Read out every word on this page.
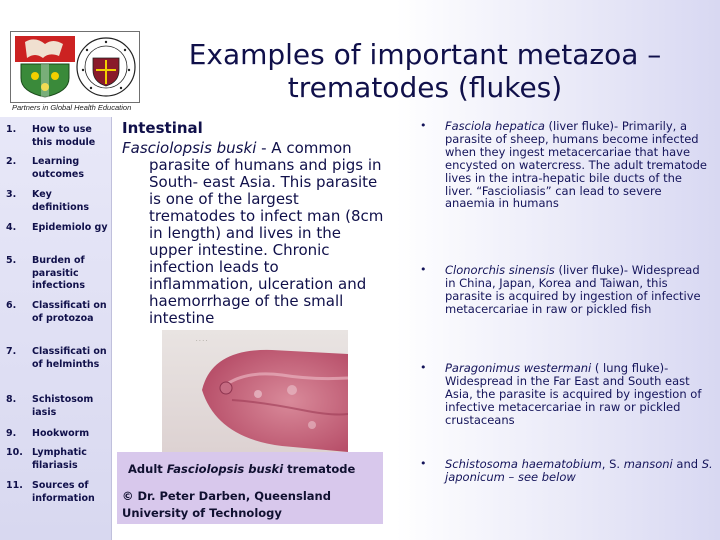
Partners in Global Health Education
Examples of important metazoa –trematodes (flukes)
1. How to use this module
2. Learning outcomes
3. Key definitions
4. Epidemiolo gy
5. Burden of parasitic infections
6. Classificati on of protozoa
7. Classificati on of helminths
8. Schistosom iasis
9. Hookworm
10. Lymphatic filariasis
11. Sources of information
Intestinal
Fasciolopsis buski - A common
parasite of humans and pigs in South- east Asia. This parasite is one of the largest trematodes to infect man (8cm in length) and lives in the upper intestine. Chronic infection leads to inflammation, ulceration and haemorrhage of the small intestine
· · · ·
Adult Fasciolopsis buski trematode
© Dr. Peter Darben, Queensland University of Technology
• Fasciola hepatica (liver fluke)- Primarily, a parasite of sheep, humans become infected when they ingest metacercariae that have encysted on watercress. The adult trematode lives in the intra-hepatic bile ducts of the liver. “Fascioliasis” can lead to severe anaemia in humans
• Clonorchis sinensis (liver fluke)- Widespread in China, Japan, Korea and Taiwan, this parasite is acquired by ingestion of infective metacercariae in raw or pickled fish
• Paragonimus westermani ( lung fluke)- Widespread in the Far East and South east Asia, the parasite is acquired by ingestion of infective metacercariae in raw or pickled crustaceans
• Schistosoma haematobium, S. mansoni and S. japonicum – see below
